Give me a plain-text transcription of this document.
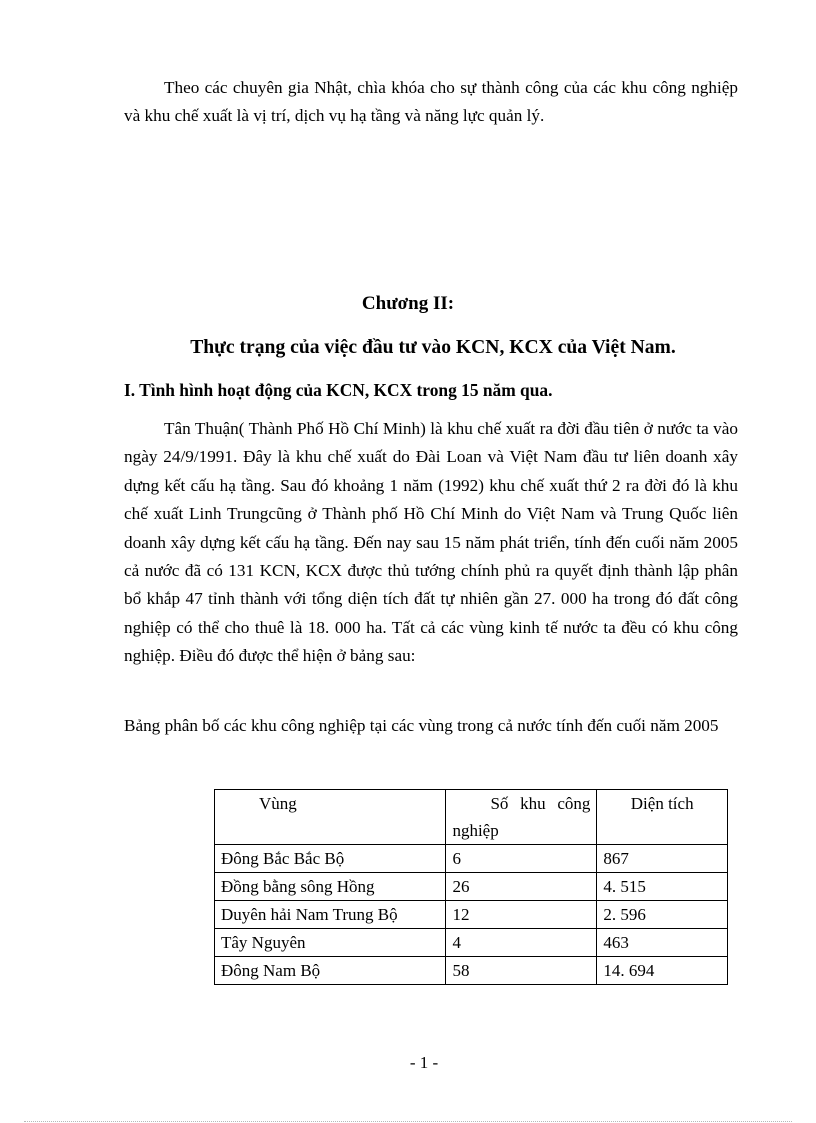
Theo các chuyên gia Nhật, chìa khóa cho sự thành công của các khu công nghiệp và khu chế xuất là vị trí, dịch vụ hạ tầng và năng lực quản lý.

Chương II:
Thực trạng của việc đầu tư vào KCN, KCX của Việt Nam.
I. Tình hình hoạt động của KCN, KCX trong 15 năm qua.

Tân Thuận( Thành Phố Hồ Chí Minh) là khu chế xuất ra đời đầu tiên ở nước ta vào ngày 24/9/1991. Đây là khu chế xuất do Đài Loan và Việt Nam đầu tư liên doanh xây dựng kết cấu hạ tầng. Sau đó khoảng 1 năm (1992) khu chế xuất thứ 2 ra đời đó là khu chế xuất Linh Trungcũng ở Thành phố Hồ Chí Minh do Việt Nam và Trung Quốc liên doanh xây dựng kết cấu hạ tầng. Đến nay sau 15 năm phát triển, tính đến cuối năm 2005 cả nước đã có 131 KCN, KCX được thủ tướng chính phủ ra quyết định thành lập phân bổ khắp 47 tỉnh thành với tổng diện tích đất tự nhiên gần 27. 000 ha trong đó đất công nghiệp có thể cho thuê là 18. 000 ha. Tất cả các vùng kinh tế nước ta đều có khu công nghiệp. Điều đó được thể hiện ở bảng sau:

Bảng phân bố các khu công nghiệp tại các vùng trong cả nước tính đến cuối năm 2005

Vùng	Số khu công nghiệp	Diện tích
Đông Bắc Bắc Bộ	6	867
Đồng bằng sông Hồng	26	4. 515
Duyên hải Nam Trung Bộ	12	2. 596
Tây Nguyên	4	463
Đông Nam Bộ	58	14. 694

- 1 -
